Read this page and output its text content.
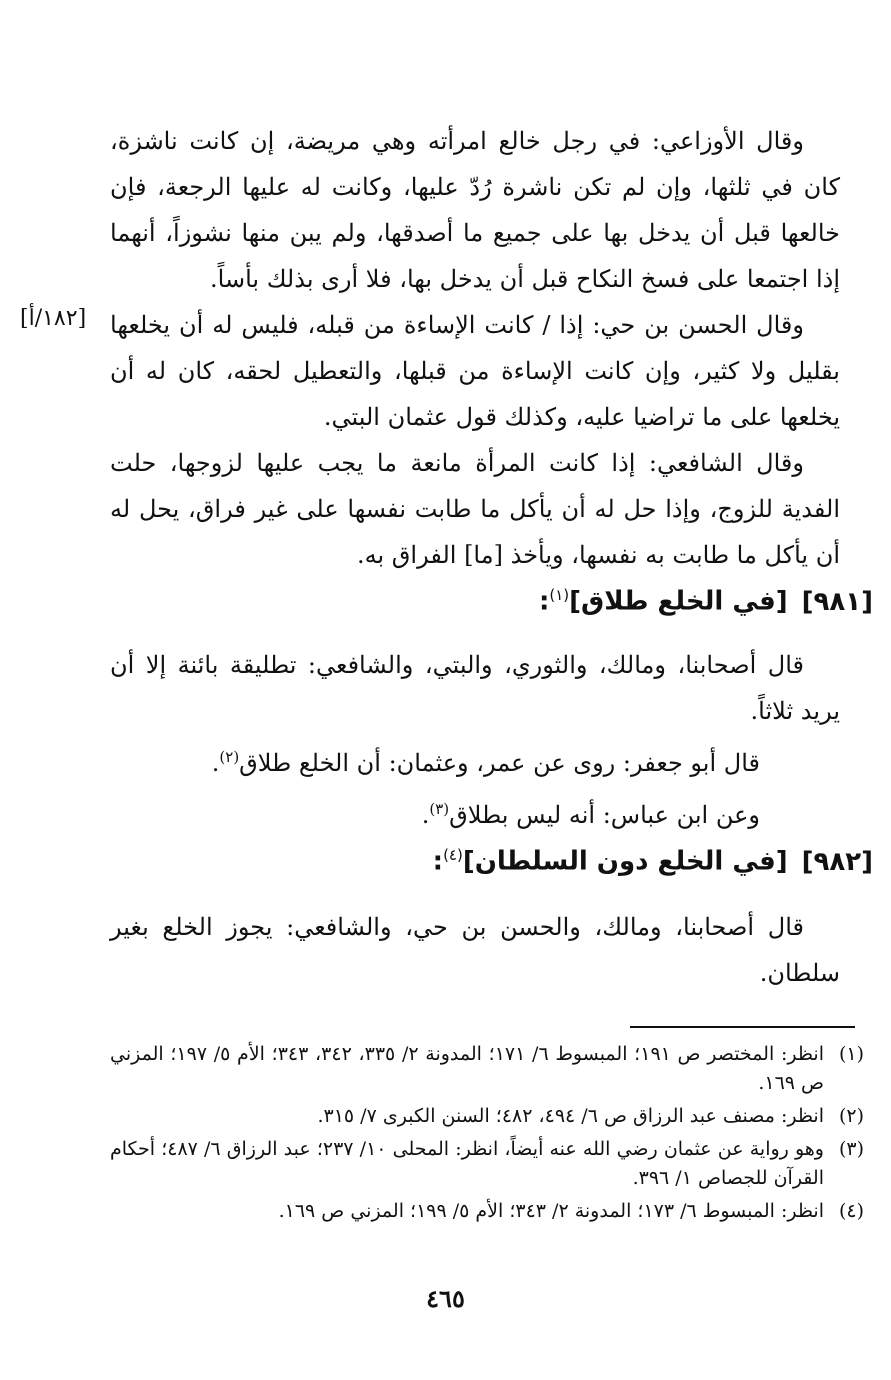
وقال الأوزاعي: في رجل خالع امرأته وهي مريضة، إن كانت ناشزة، كان في ثلثها، وإن لم تكن ناشرة رُدّ عليها، وكانت له عليها الرجعة، فإن خالعها قبل أن يدخل بها على جميع ما أصدقها، ولم يبن منها نشوزاً، أنهما إذا اجتمعا على فسخ النكاح قبل أن يدخل بها، فلا أرى بذلك بأساً.

وقال الحسن بن حي: إذا / كانت الإساءة من قبله، فليس له أن يخلعها بقليل ولا كثير، وإن كانت الإساءة من قبلها، والتعطيل لحقه، كان له أن يخلعها على ما تراضيا عليه، وكذلك قول عثمان البتي.

وقال الشافعي: إذا كانت المرأة مانعة ما يجب عليها لزوجها، حلت الفدية للزوج، وإذا حل له أن يأكل ما طابت نفسها على غير فراق، يحل له أن يأكل ما طابت به نفسها، ويأخذ [ما] الفراق به.

[١٨٢/أ]
[٩٨١][في الخلع طلاق]$^{(١)}$:

قال أصحابنا، ومالك، والثوري، والبتي، والشافعي: تطليقة بائنة إلا أن يريد ثلاثاً.

قال أبو جعفر: روى عن عمر، وعثمان: أن الخلع طلاق$^{(٢)}$.

وعن ابن عباس: أنه ليس بطلاق$^{(٣)}$.

[٩٨٢][في الخلع دون السلطان]$^{(٤)}$:

قال أصحابنا، ومالك، والحسن بن حي، والشافعي: يجوز الخلع بغير سلطان.

(١)
انظر: المختصر ص ١٩١؛ المبسوط ٦/ ١٧١؛ المدونة ٢/ ٣٣٥، ٣٤٢، ٣٤٣؛ الأم ٥/ ١٩٧؛ المزني ص ١٦٩.
(٢)
انظر: مصنف عبد الرزاق ص ٦/ ٤٩٤، ٤٨٢؛ السنن الكبرى ٧/ ٣١٥.
(٣)
وهو رواية عن عثمان رضي الله عنه أيضاً، انظر: المحلى ١٠/ ٢٣٧؛ عبد الرزاق ٦/ ٤٨٧؛ أحكام القرآن للجصاص ١/ ٣٩٦.
(٤)
انظر: المبسوط ٦/ ١٧٣؛ المدونة ٢/ ٣٤٣؛ الأم ٥/ ١٩٩؛ المزني ص ١٦٩.
٤٦٥
